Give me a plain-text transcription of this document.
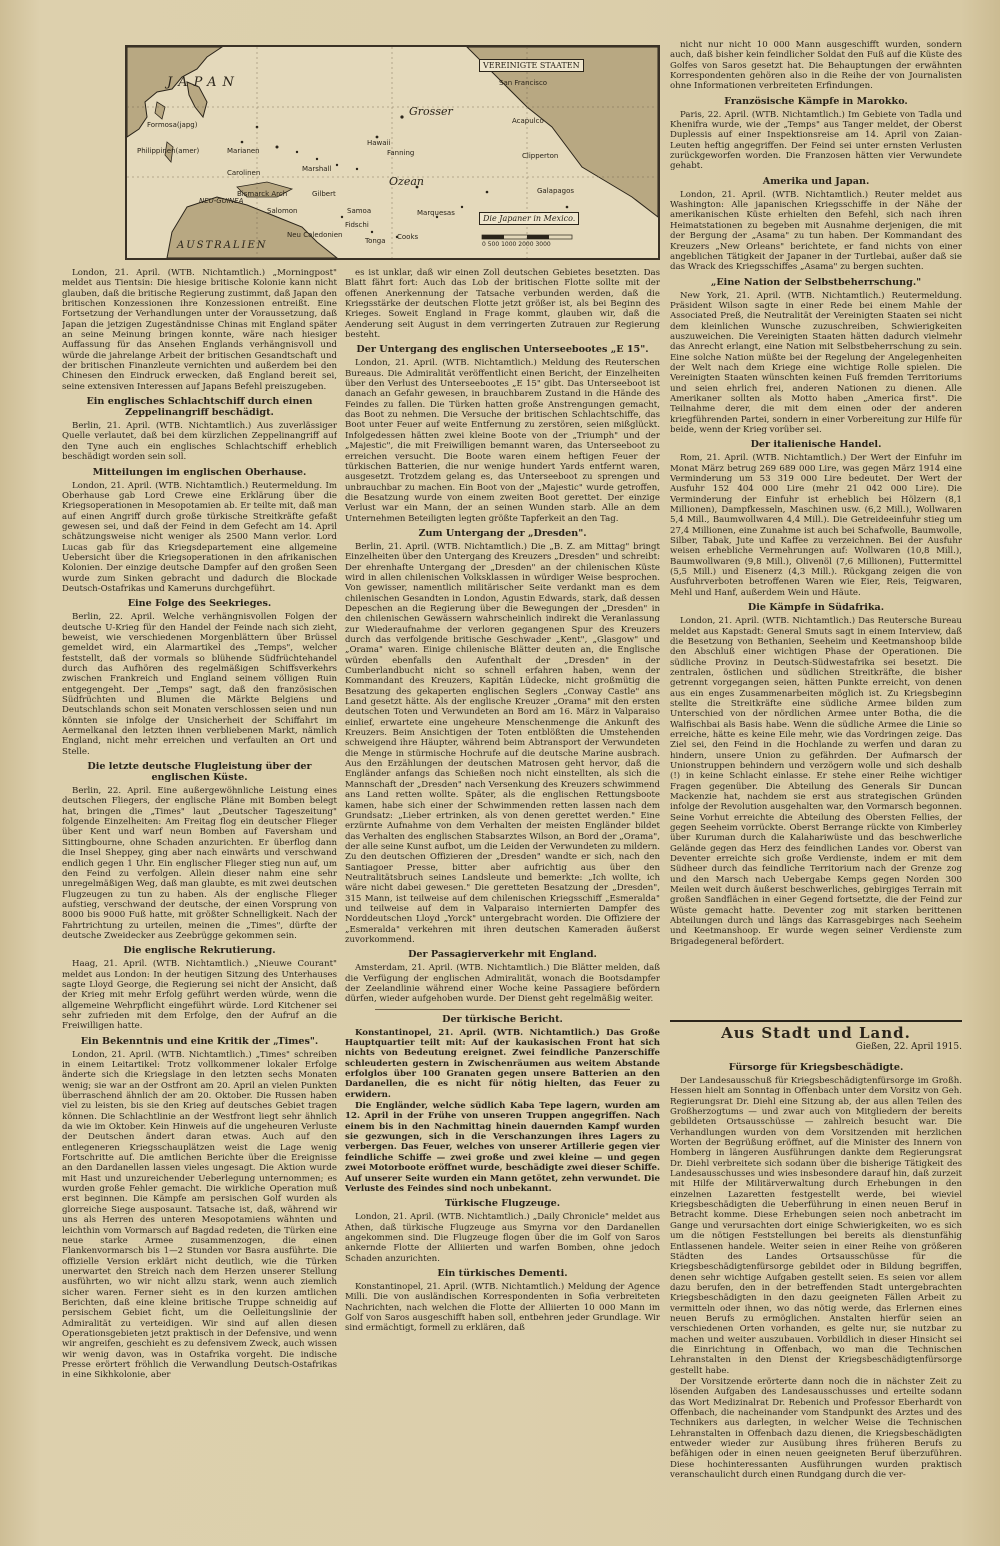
JAPAN
VEREINIGTE STAATEN
Grosser
Ozean
AUSTRALIEN
Formosa(japg)
Philippinen(amer)	Marianen
Carolinen	Marshall
Gilbert
Bismarck Arch
Salomon
NEU-GUINEA
Neu Caledonien
Fidschi
Tonga Cooks
Samoa
Hawaii
Fanning
Marquesas
Galapagos
Acapulco
San Francisco
Clipperton
Die Japaner in Mexico.
0 500 1000 2000 3000

London, 21. April. (WTB. Nichtamtlich.) „Morningpost" meldet aus Tientsin: Die hiesige britische Kolonie kann nicht glauben, daß die britische Regierung zustimmt, daß Japan den britischen Konzessionen ihre Konzessionen entreißt. Eine Fortsetzung der Verhandlungen unter der Voraussetzung, daß Japan die jetzigen Zugeständnisse Chinas mit England später an seine Meinung bringen konnte, wäre nach hiesiger Auffassung für das Ansehen Englands verhängnisvoll und würde die jahrelange Arbeit der britischen Gesandtschaft und der britischen Finanzleute vernichten und außerdem bei den Chinesen den Eindruck erwecken, daß England bereit sei, seine extensiven Interessen auf Japans Befehl preiszugeben.

Ein englisches Schlachtschiff durch einen Zeppelinangriff beschädigt.

Berlin, 21. April. (WTB. Nichtamtlich.) Aus zuverlässiger Quelle verlautet, daß bei dem kürzlichen Zeppelinangriff auf den Tyne auch ein englisches Schlachtschiff erheblich beschädigt worden sein soll.

Mitteilungen im englischen Oberhause.

London, 21. April. (WTB. Nichtamtlich.) Reutermeldung. Im Oberhause gab Lord Crewe eine Erklärung über die Kriegsoperationen in Mesopotamien ab. Er teilte mit, daß man auf einen Angriff durch große türkische Streitkräfte gefaßt gewesen sei, und daß der Feind in dem Gefecht am 14. April schätzungsweise nicht weniger als 2500 Mann verlor. Lord Lucas gab für das Kriegsdepartement eine allgemeine Uebersicht über die Kriegsoperationen in den afrikanischen Kolonien. Der einzige deutsche Dampfer auf den großen Seen wurde zum Sinken gebracht und dadurch die Blockade Deutsch-Ostafrikas und Kameruns durchgeführt.

Eine Folge des Seekrieges.

Berlin, 22. April. Welche verhängnisvollen Folgen der deutsche U-Krieg für den Handel der Feinde nach sich zieht, beweist, wie verschiedenen Morgenblättern über Brüssel gemeldet wird, ein Alarmartikel des „Temps", welcher feststellt, daß der vormals so blühende Südfrüchtehandel durch das Aufhören des regelmäßigen Schiffsverkehrs zwischen Frankreich und England seinem völligen Ruin entgegengeht. Der „Temps" sagt, daß den französischen Südfrüchten und Blumen die Märkte Belgiens und Deutschlands schon seit Monaten verschlossen seien und nun könnten sie infolge der Unsicherheit der Schiffahrt im Aermelkanal den letzten ihnen verbliebenen Markt, nämlich England, nicht mehr erreichen und verfaulten an Ort und Stelle.

Die letzte deutsche Flugleistung über der englischen Küste.

Berlin, 22. April. Eine außergewöhnliche Leistung eines deutschen Fliegers, der englische Pläne mit Bomben belegt hat, bringen die „Times" laut „Deutscher Tageszeitung" folgende Einzelheiten: Am Freitag flog ein deutscher Flieger über Kent und warf neun Bomben auf Faversham und Sittingbourne, ohne Schaden anzurichten. Er überflog dann die Insel Sheppey, ging aber nach einwärts und verschwand endlich gegen 1 Uhr. Ein englischer Flieger stieg nun auf, um den Feind zu verfolgen. Allein dieser nahm eine sehr unregelmäßigen Weg, daß man glaubte, es mit zwei deutschen Flugzeugen zu tun zu haben. Als der englische Flieger aufstieg, verschwand der deutsche, der einen Vorsprung von 8000 bis 9000 Fuß hatte, mit größter Schnelligkeit. Nach der Fahrtrichtung zu urteilen, meinen die „Times", dürfte der deutsche Zweidecker aus Zeebrügge gekommen sein.

Die englische Rekrutierung.

Haag, 21. April. (WTB. Nichtamtlich.) „Nieuwe Courant" meldet aus London: In der heutigen Sitzung des Unterhauses sagte Lloyd George, die Regierung sei nicht der Ansicht, daß der Krieg mit mehr Erfolg geführt werden würde, wenn die allgemeine Wehrpflicht eingeführt würde. Lord Kitchener sei sehr zufrieden mit dem Erfolge, den der Aufruf an die Freiwilligen hatte.

Ein Bekenntnis und eine Kritik der „Times".

London, 21. April. (WTB. Nichtamtlich.) „Times" schreiben in einem Leitartikel: Trotz vollkommener lokaler Erfolge änderte sich die Kriegslage in den letzten sechs Monaten wenig; sie war an der Ostfront am 20. April an vielen Punkten überraschend ähnlich der am 20. Oktober. Die Russen haben viel zu leisten, bis sie den Krieg auf deutsches Gebiet tragen können. Die Schlachtlinie an der Westfront liegt sehr ähnlich da wie im Oktober. Kein Hinweis auf die ungeheuren Verluste der Deutschen ändert daran etwas. Auch auf den entlegeneren Kriegsschauplätzen weist die Lage wenig Fortschritte auf. Die amtlichen Berichte über die Ereignisse an den Dardanellen lassen vieles ungesagt. Die Aktion wurde mit Hast und unzureichender Ueberlegung unternommen; es wurden große Fehler gemacht. Die wirkliche Operation muß erst beginnen. Die Kämpfe am persischen Golf wurden als glorreiche Siege ausposaunt. Tatsache ist, daß, während wir uns als Herren des unteren Mesopotamiens wähnten und leichthin vom Vormarsch auf Bagdad redeten, die Türken eine neue starke Armee zusammenzogen, die einen Flankenvormarsch bis 1—2 Stunden vor Basra ausführte. Die offizielle Version erklärt nicht deutlich, wie die Türken unerwartet den Streich nach dem Herzen unserer Stellung ausführten, wo wir nicht allzu stark, wenn auch ziemlich sicher waren. Ferner sieht es in den kurzen amtlichen Berichten, daß eine kleine britische Truppe schneidig auf persischem Gebiet ficht, um die Oelleitungslinie der Admiralität zu verteidigen. Wir sind auf allen diesen Operationsgebieten jetzt praktisch in der Defensive, und wenn wir angreifen, geschieht es zu defensivem Zweck, auch wissen wir wenig davon, was in Ostafrika vorgeht. Die indische Presse erörtert fröhlich die Verwandlung Deutsch-Ostafrikas in eine Sikhkolonie, aber

es ist unklar, daß wir einen Zoll deutschen Gebietes besetzten. Das Blatt fährt fort: Auch das Lob der britischen Flotte sollte mit der offenen Anerkennung der Tatsache verbunden werden, daß die Kriegsstärke der deutschen Flotte jetzt größer ist, als bei Beginn des Krieges. Soweit England in Frage kommt, glauben wir, daß die Aenderung seit August in dem verringerten Zutrauen zur Regierung besteht.

Der Untergang des englischen Unterseebootes „E 15".

London, 21. April. (WTB. Nichtamtlich.) Meldung des Reuterschen Bureaus. Die Admiralität veröffentlicht einen Bericht, der Einzelheiten über den Verlust des Unterseebootes „E 15" gibt. Das Unterseeboot ist danach an Gefahr gewesen, in brauchbarem Zustand in die Hände des Feindes zu fallen. Die Türken hatten große Anstrengungen gemacht, das Boot zu nehmen. Die Versuche der britischen Schlachtschiffe, das Boot unter Feuer auf weite Entfernung zu zerstören, seien mißglückt. Infolgedessen hätten zwei kleine Boote von der „Triumph" und der „Majestic", die mit Freiwilligen bemannt waren, das Unterseeboot zu erreichen versucht. Die Boote waren einem heftigen Feuer der türkischen Batterien, die nur wenige hundert Yards entfernt waren, ausgesetzt. Trotzdem gelang es, das Unterseeboot zu sprengen und unbrauchbar zu machen. Ein Boot von der „Majestic" wurde getroffen, die Besatzung wurde von einem zweiten Boot gerettet. Der einzige Verlust war ein Mann, der an seinen Wunden starb. Alle an dem Unternehmen Beteiligten legten größte Tapferkeit an den Tag.

Zum Untergang der „Dresden".

Berlin, 21. April. (WTB. Nichtamtlich.) Die „B. Z. am Mittag" bringt Einzelheiten über den Untergang des Kreuzers „Dresden" und schreibt: Der ehrenhafte Untergang der „Dresden" an der chilenischen Küste wird in allen chilenischen Volksklassen in würdiger Weise besprochen. Von gewisser, namentlich militärischer Seite verdankt man es dem chilenischen Gesandten in London, Agustin Edwards, stark, daß dessen Depeschen an die Regierung über die Bewegungen der „Dresden" in den chilenischen Gewässern wahrscheinlich indirekt die Veranlassung zur Wiederaufnahme der verloren gegangenen Spur des Kreuzers durch das verfolgende britische Geschwader „Kent", „Glasgow" und „Orama" waren. Einige chilenische Blätter deuten an, die Englische würden ebenfalls den Aufenthalt der „Dresden" in der Cumberlandbucht nicht so schnell erfahren haben, wenn der Kommandant des Kreuzers, Kapitän Lüdecke, nicht großmütig die Besatzung des gekaperten englischen Seglers „Conway Castle" ans Land gesetzt hätte. Als der englische Kreuzer „Orama" mit den ersten deutschen Toten und Verwundeten an Bord am 16. März in Valparaiso einlief, erwartete eine ungeheure Menschenmenge die Ankunft des Kreuzers. Beim Ansichtigen der Toten entblößten die Umstehenden schweigend ihre Häupter, während beim Abtransport der Verwundeten die Menge in stürmische Hochrufe auf die deutsche Marine ausbrach. Aus den Erzählungen der deutschen Matrosen geht hervor, daß die Engländer anfangs das Schießen noch nicht einstellten, als sich die Mannschaft der „Dresden" nach Versenkung des Kreuzers schwimmend ans Land retten wollte. Später, als die englischen Rettungsboote kamen, habe sich einer der Schwimmenden retten lassen nach dem Grundsatz: „Lieber ertrinken, als von denen gerettet werden." Eine erzürnte Aufnahme von dem Verhalten der meisten Engländer bildet das Verhalten des englischen Stabsarztes Wilson, an Bord der „Orama", der alle seine Kunst aufbot, um die Leiden der Verwundeten zu mildern. Zu den deutschen Offizieren der „Dresden" wandte er sich, nach den Santiagoer Presse, bitter aber aufrichtig aus über den Neutralitätsbruch seines Landsleute und bemerkte: „Ich wollte, ich wäre nicht dabei gewesen." Die geretteten Besatzung der „Dresden", 315 Mann, ist teilweise auf dem chilenischen Kriegsschiff „Esmeralda" und teilweise auf dem in Valparaiso internierten Dampfer des Norddeutschen Lloyd „Yorck" untergebracht worden. Die Offiziere der „Esmeralda" verkehren mit ihren deutschen Kameraden äußerst zuvorkommend.

Der Passagierverkehr mit England.

Amsterdam, 21. April. (WTB. Nichtamtlich.) Die Blätter melden, daß die Verfügung der englischen Admiralität, wonach die Bootsdampfer der Zeelandlinie während einer Woche keine Passagiere befördern dürfen, wieder aufgehoben wurde. Der Dienst geht regelmäßig weiter.

Der türkische Bericht.

Konstantinopel, 21. April. (WTB. Nichtamtlich.) Das Große Hauptquartier teilt mit: Auf der kaukasischen Front hat sich nichts von Bedeutung ereignet. Zwei feindliche Panzerschiffe schleuderten gestern in Zwischenräumen aus weitem Abstande erfolglos über 100 Granaten gegen unsere Batterien an den Dardanellen, die es nicht für nötig hielten, das Feuer zu erwidern.

Die Engländer, welche südlich Kaba Tepe lagern, wurden am 12. April in der Frühe von unseren Truppen angegriffen. Nach einem bis in den Nachmittag hinein dauernden Kampf wurden sie gezwungen, sich in die Verschanzungen ihres Lagers zu verbergen. Das Feuer, welches von unserer Artillerie gegen vier feindliche Schiffe — zwei große und zwei kleine — und gegen zwei Motorboote eröffnet wurde, beschädigte zwei dieser Schiffe. Auf unserer Seite wurden ein Mann getötet, zehn verwundet. Die Verluste des Feindes sind noch unbekannt.

Türkische Flugzeuge.

London, 21. April. (WTB. Nichtamtlich.) „Daily Chronicle" meldet aus Athen, daß türkische Flugzeuge aus Smyrna vor den Dardanellen angekommen sind. Die Flugzeuge flogen über die im Golf von Saros ankernde Flotte der Alliierten und warfen Bomben, ohne jedoch Schaden anzurichten.

Ein türkisches Dementi.

Konstantinopel, 21. April. (WTB. Nichtamtlich.) Meldung der Agence Milli. Die von ausländischen Korrespondenten in Sofia verbreiteten Nachrichten, nach welchen die Flotte der Alliierten 10 000 Mann im Golf von Saros ausgeschifft haben soll, entbehren jeder Grundlage. Wir sind ermächtigt, formell zu erklären, daß

nicht nur nicht 10 000 Mann ausgeschifft wurden, sondern auch, daß bisher kein feindlicher Soldat den Fuß auf die Küste des Golfes von Saros gesetzt hat. Die Behauptungen der erwähnten Korrespondenten gehören also in die Reihe der von Journalisten ohne Informationen verbreiteten Erfindungen.

Französische Kämpfe in Marokko.

Paris, 22. April. (WTB. Nichtamtlich.) Im Gebiete von Tadla und Khenifra wurde, wie der „Temps" aus Tanger meldet, der Oberst Duplessis auf einer Inspektionsreise am 14. April von Zaian-Leuten heftig angegriffen. Der Feind sei unter ernsten Verlusten zurückgeworfen worden. Die Franzosen hätten vier Verwundete gehabt.

Amerika und Japan.

London, 21. April. (WTB. Nichtamtlich.) Reuter meldet aus Washington: Alle japanischen Kriegsschiffe in der Nähe der amerikanischen Küste erhielten den Befehl, sich nach ihren Heimatstationen zu begeben mit Ausnahme derjenigen, die mit der Bergung der „Asama" zu tun haben. Der Kommandant des Kreuzers „New Orleans" berichtete, er fand nichts von einer angeblichen Tätigkeit der Japaner in der Turtlebai, außer daß sie das Wrack des Kriegsschiffes „Asama" zu bergen suchten.

„Eine Nation der Selbstbeherrschung."

New York, 21. April. (WTB. Nichtamtlich.) Reutermeldung. Präsident Wilson sagte in einer Rede bei einem Mahle der Associated Preß, die Neutralität der Vereinigten Staaten sei nicht dem kleinlichen Wunsche zuzuschreiben, Schwierigkeiten auszuweichen. Die Vereinigten Staaten hätten dadurch vielmehr das Anrecht erlangt, eine Nation mit Selbstbeherrschung zu sein. Eine solche Nation müßte bei der Regelung der Angelegenheiten der Welt nach dem Kriege eine wichtige Rolle spielen. Die Vereinigten Staaten wünschten keinen Fuß fremden Territoriums und seien ehrlich frei, anderen Nationen zu dienen. Alle Amerikaner sollten als Motto haben „America first". Die Teilnahme derer, die mit dem einen oder der anderen kriegführenden Partei, sondern in einer Vorbereitung zur Hilfe für beide, wenn der Krieg vorüber sei.

Der italienische Handel.

Rom, 21. April. (WTB. Nichtamtlich.) Der Wert der Einfuhr im Monat März betrug 269 689 000 Lire, was gegen März 1914 eine Verminderung um 53 319 000 Lire bedeutet. Der Wert der Ausfuhr 152 404 000 Lire (mehr 21 042 000 Lire). Die Verminderung der Einfuhr ist erheblich bei Hölzern (8,1 Millionen), Dampfkesseln, Maschinen usw. (6,2 Mill.), Wollwaren 5,4 Mill., Baumwollwaren 4,4 Mill.). Die Getreideeinfuhr stieg um 27,4 Millionen, eine Zunahme ist auch bei Schafwolle, Baumwolle, Silber, Tabak, Jute und Kaffee zu verzeichnen. Bei der Ausfuhr weisen erhebliche Vermehrungen auf: Wollwaren (10,8 Mill.), Baumwollwaren (9,8 Mill.), Olivenöl (7,6 Millionen), Futtermittel (5,5 Mill.) und Eisenerz (4,3 Mill.). Rückgang zeigen die von Ausfuhrverboten betroffenen Waren wie Eier, Reis, Teigwaren, Mehl und Hanf, außerdem Wein und Häute.

Die Kämpfe in Südafrika.

London, 21. April. (WTB. Nichtamtlich.) Das Reutersche Bureau meldet aus Kapstadt: General Smuts sagt in einem Interview, daß die Besetzung von Bethanien, Seeheim und Keetmanshoop bilde den Abschluß einer wichtigen Phase der Operationen. Die südliche Provinz in Deutsch-Südwestafrika sei besetzt. Die zentralen, östlichen und südlichen Streitkräfte, die bisher getrennt vorgegangen seien, hätten Punkte erreicht, von denen aus ein enges Zusammenarbeiten möglich ist. Zu Kriegsbeginn stellte die Streitkräfte eine südliche Armee bilden zum Unterschied von der nördlichen Armee unter Botha, die die Walfischbai als Basis habe. Wenn die südliche Armee die Linie so erreiche, hätte es keine Eile mehr, wie das Vordringen zeige. Das Ziel sei, den Feind in die Hochlande zu werfen und daran zu hindern, unsere Union zu gefährden. Der Aufmarsch der Unionstruppen behindern und verzögern wolle und sich deshalb (!) in keine Schlacht einlasse. Er stehe einer Reihe wichtiger Fragen gegenüber. Die Abteilung des Generals Sir Duncan Mackenzie hat, nachdem sie erst aus strategischen Gründen infolge der Revolution ausgehalten war, den Vormarsch begonnen. Seine Vorhut erreichte die Abteilung des Obersten Fellies, der gegen Seeheim vorrückte. Oberst Berrange rückte von Kimberley über Kuruman durch die Kalahariwüste und das beschwerliche Gelände gegen das Herz des feindlichen Landes vor. Oberst van Deventer erreichte sich große Verdienste, indem er mit dem Südheer durch das feindliche Territorium nach der Grenze zog und den Marsch nach Uebergabe Kemps gegen Norden 300 Meilen weit durch äußerst beschwerliches, gebirgiges Terrain mit großen Sandflächen in einer Gegend fortsetzte, die der Feind zur Wüste gemacht hatte. Deventer zog mit starken berittenen Abteilungen durch und längs das Karrasgebirges nach Seeheim und Keetmanshoop. Er wurde wegen seiner Verdienste zum Brigadegeneral befördert.

Aus Stadt und Land.
Gießen, 22. April 1915.
Fürsorge für Kriegsbeschädigte.

Der Landesausschuß für Kriegsbeschädigtenfürsorge im Großh. Hessen hielt am Sonntag in Offenbach unter dem Vorsitz von Geh. Regierungsrat Dr. Diehl eine Sitzung ab, der aus allen Teilen des Großherzogtums — und zwar auch von Mitgliedern der bereits gebildeten Ortsausschüsse — zahlreich besucht war. Die Verhandlungen wurden von dem Vorsitzenden mit herzlichen Worten der Begrüßung eröffnet, auf die Minister des Innern von Homberg in längeren Ausführungen dankte dem Regierungsrat Dr. Diehl verbreitete sich sodann über die bisherige Tätigkeit des Landesausschusses und wies insbesondere darauf hin, daß zurzeit mit Hilfe der Militärverwaltung durch Erhebungen in den einzelnen Lazaretten festgestellt werde, bei wieviel Kriegsbeschädigten die Ueberführung in einen neuen Beruf in Betracht komme. Diese Erhebungen seien noch anbetracht im Gange und verursachten dort einige Schwierigkeiten, wo es sich um die nötigen Feststellungen bei bereits als dienstunfähig Entlassenen handele. Weiter seien in einer Reihe von größeren Städten des Landes Ortsausschüsse für die Kriegsbeschädigtenfürsorge gebildet oder in Bildung begriffen, denen sehr wichtige Aufgaben gestellt seien. Es seien vor allem dazu berufen, den in der betreffenden Stadt untergebrachten Kriegsbeschädigten in den dazu geeigneten Fällen Arbeit zu vermitteln oder ihnen, wo das nötig werde, das Erlernen eines neuen Berufs zu ermöglichen. Anstalten hierfür seien an verschiedenen Orten vorhanden, es gelte nur, sie nutzbar zu machen und weiter auszubauen. Vorbildlich in dieser Hinsicht sei die Einrichtung in Offenbach, wo man die Technischen Lehranstalten in den Dienst der Kriegsbeschädigtenfürsorge gestellt habe.

Der Vorsitzende erörterte dann noch die in nächster Zeit zu lösenden Aufgaben des Landesausschusses und erteilte sodann das Wort Medizinalrat Dr. Rebenich und Professor Eberhardt von Offenbach, die nacheinander vom Standpunkt des Arztes und des Technikers aus darlegten, in welcher Weise die Technischen Lehranstalten in Offenbach dazu dienen, die Kriegsbeschädigten entweder wieder zur Ausübung ihres früheren Berufs zu befähigen oder in einen neuen geeigneten Beruf überzuführen. Diese hochinteressanten Ausführungen wurden praktisch veranschaulicht durch einen Rundgang durch die ver-
